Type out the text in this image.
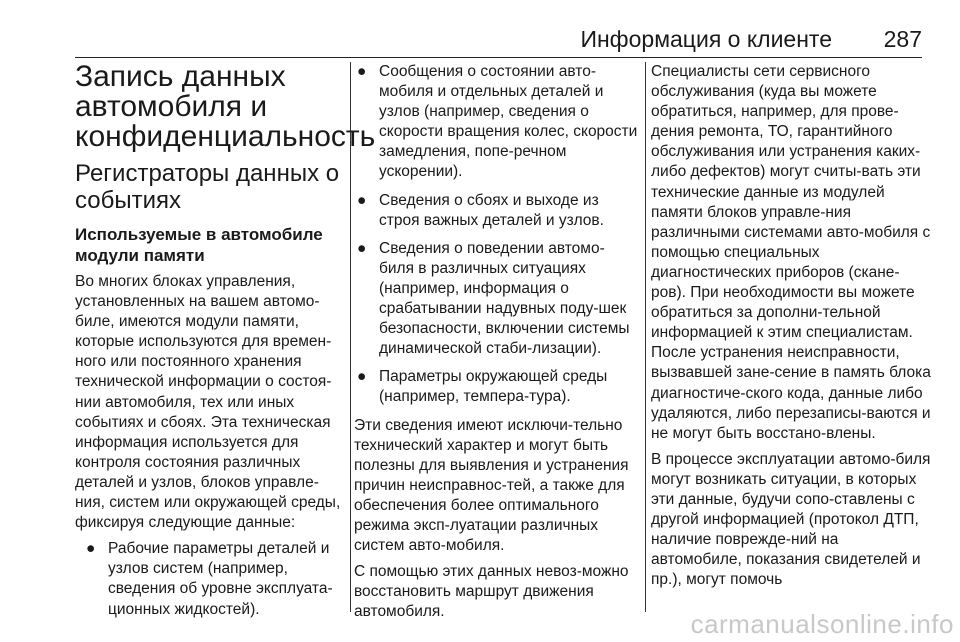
Информация о клиенте 287
Запись данных автомобиля и конфиденциальность
Регистраторы данных о событиях
Используемые в автомобиле модули памяти
Во многих блоках управления, установленных на вашем автомо-биле, имеются модули памяти, которые используются для времен-ного или постоянного хранения технической информации о состоя-нии автомобиля, тех или иных событиях и сбоях. Эта техническая информация используется для контроля состояния различных деталей и узлов, блоков управле-ния, систем или окружающей среды, фиксируя следующие данные:
● Рабочие параметры деталей и узлов систем (например, сведения об уровне эксплуата-ционных жидкостей).
● Сообщения о состоянии авто-мобиля и отдельных деталей и узлов (например, сведения о скорости вращения колес, скорости замедления, попе-речном ускорении).
● Сведения о сбоях и выходе из строя важных деталей и узлов.
● Сведения о поведении автомо-биля в различных ситуациях (например, информация о срабатывании надувных поду-шек безопасности, включении системы динамической стаби-лизации).
● Параметры окружающей среды (например, темпера-тура).
Эти сведения имеют исключи-тельно технический характер и могут быть полезны для выявления и устранения причин неисправнос-тей, а также для обеспечения более оптимального режима эксп-луатации различных систем авто-мобиля.
С помощью этих данных невоз-можно восстановить маршрут движения автомобиля.
Специалисты сети сервисного обслуживания (куда вы можете обратиться, например, для прове-дения ремонта, ТО, гарантийного обслуживания или устранения каких-либо дефектов) могут считы-вать эти технические данные из модулей памяти блоков управле-ния различными системами авто-мобиля с помощью специальных диагностических приборов (скане-ров). При необходимости вы можете обратиться за дополни-тельной информацией к этим специалистам. После устранения неисправности, вызвавшей зане-сение в память блока диагностиче-ского кода, данные либо удаляются, либо перезаписы-ваются и не могут быть восстано-влены.
В процессе эксплуатации автомо-биля могут возникать ситуации, в которых эти данные, будучи сопо-ставлены с другой информацией (протокол ДТП, наличие поврежде-ний на автомобиле, показания свидетелей и пр.), могут помочь
carmanualsonline.info
